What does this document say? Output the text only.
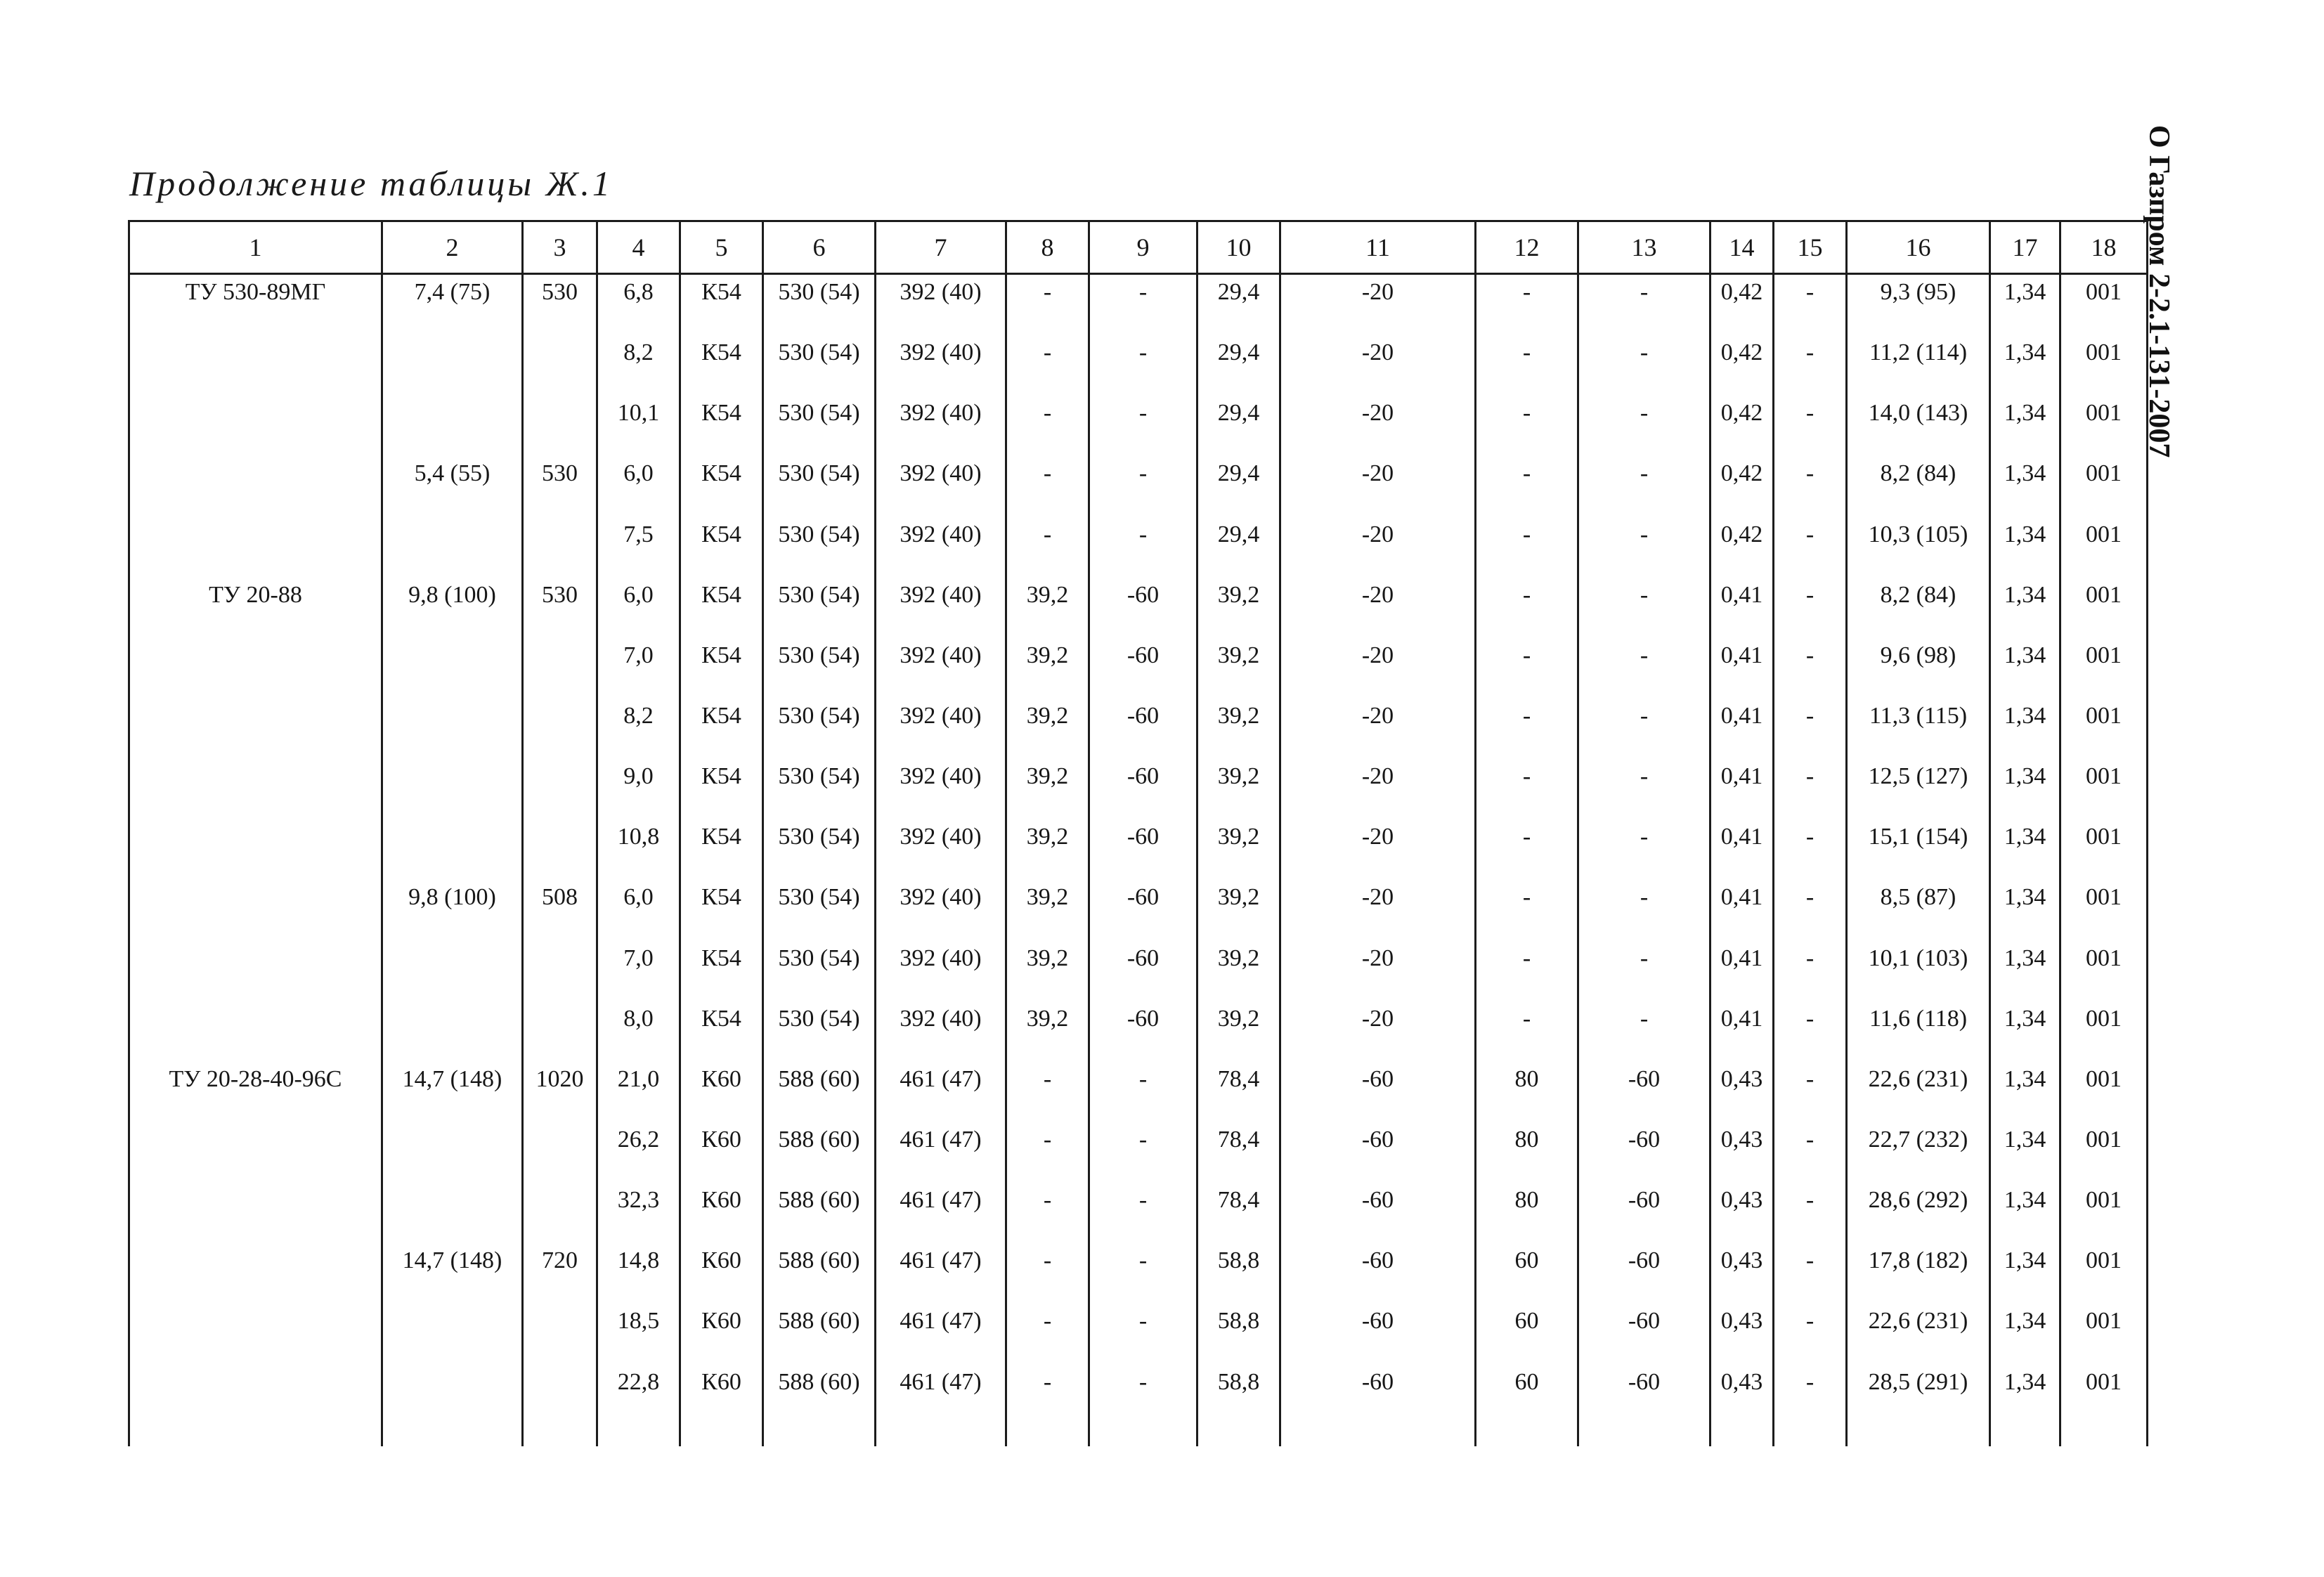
Продолжение таблицы Ж.1	О Газпром 2-2.1-131-2007
1	2	3	4	5	6	7	8	9	10	11	12	13	14	15	16	17	18
ТУ 530-89МГ	7,4 (75)	530	6,8	К54	530 (54)	392 (40)	-	-	29,4	-20	-	-	0,42	-	9,3 (95)	1,34	001
			8,2	К54	530 (54)	392 (40)	-	-	29,4	-20	-	-	0,42	-	11,2 (114)	1,34	001
			10,1	К54	530 (54)	392 (40)	-	-	29,4	-20	-	-	0,42	-	14,0 (143)	1,34	001
	5,4 (55)	530	6,0	К54	530 (54)	392 (40)	-	-	29,4	-20	-	-	0,42	-	8,2 (84)	1,34	001
			7,5	К54	530 (54)	392 (40)	-	-	29,4	-20	-	-	0,42	-	10,3 (105)	1,34	001
ТУ 20-88	9,8 (100)	530	6,0	К54	530 (54)	392 (40)	39,2	-60	39,2	-20	-	-	0,41	-	8,2 (84)	1,34	001
			7,0	К54	530 (54)	392 (40)	39,2	-60	39,2	-20	-	-	0,41	-	9,6 (98)	1,34	001
			8,2	К54	530 (54)	392 (40)	39,2	-60	39,2	-20	-	-	0,41	-	11,3 (115)	1,34	001
			9,0	К54	530 (54)	392 (40)	39,2	-60	39,2	-20	-	-	0,41	-	12,5 (127)	1,34	001
			10,8	К54	530 (54)	392 (40)	39,2	-60	39,2	-20	-	-	0,41	-	15,1 (154)	1,34	001
	9,8 (100)	508	6,0	К54	530 (54)	392 (40)	39,2	-60	39,2	-20	-	-	0,41	-	8,5 (87)	1,34	001
			7,0	К54	530 (54)	392 (40)	39,2	-60	39,2	-20	-	-	0,41	-	10,1 (103)	1,34	001
			8,0	К54	530 (54)	392 (40)	39,2	-60	39,2	-20	-	-	0,41	-	11,6 (118)	1,34	001
ТУ 20-28-40-96С	14,7 (148)	1020	21,0	К60	588 (60)	461 (47)	-	-	78,4	-60	80	-60	0,43	-	22,6 (231)	1,34	001
			26,2	К60	588 (60)	461 (47)	-	-	78,4	-60	80	-60	0,43	-	22,7 (232)	1,34	001
			32,3	К60	588 (60)	461 (47)	-	-	78,4	-60	80	-60	0,43	-	28,6 (292)	1,34	001
	14,7 (148)	720	14,8	К60	588 (60)	461 (47)	-	-	58,8	-60	60	-60	0,43	-	17,8 (182)	1,34	001
			18,5	К60	588 (60)	461 (47)	-	-	58,8	-60	60	-60	0,43	-	22,6 (231)	1,34	001
			22,8	К60	588 (60)	461 (47)	-	-	58,8	-60	60	-60	0,43	-	28,5 (291)	1,34	001
